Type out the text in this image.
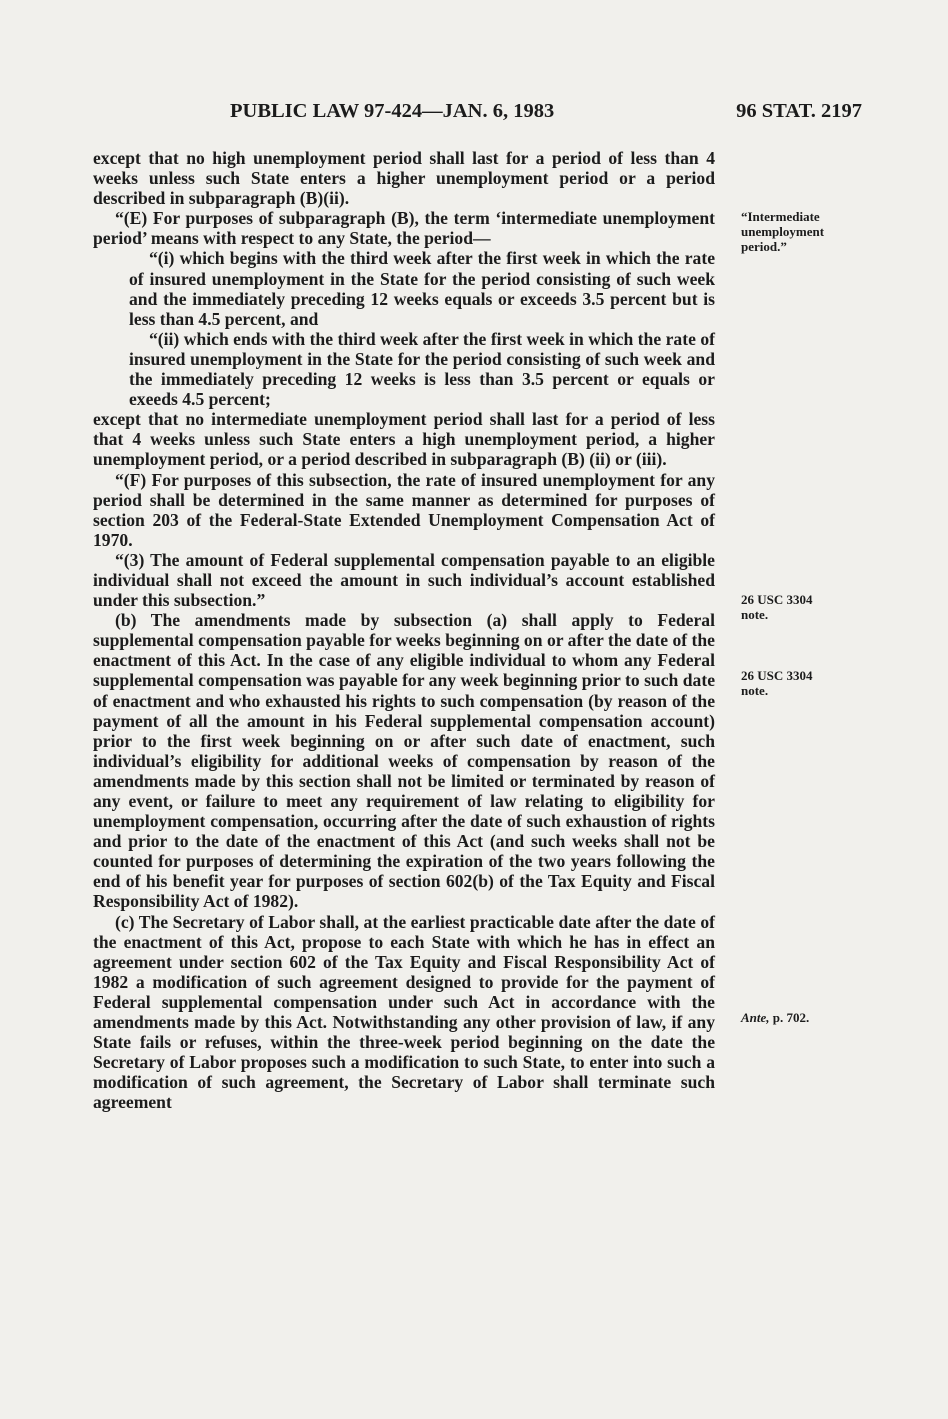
PUBLIC LAW 97-424—JAN. 6, 1983	96 STAT. 2197

except that no high unemployment period shall last for a period of less than 4 weeks unless such State enters a higher unemployment period or a period described in subparagraph (B)(ii).

“(E) For purposes of subparagraph (B), the term ‘intermediate unemployment period’ means with respect to any State, the period—

“(i) which begins with the third week after the first week in which the rate of insured unemployment in the State for the period consisting of such week and the immediately preceding 12 weeks equals or exceeds 3.5 percent but is less than 4.5 percent, and

“(ii) which ends with the third week after the first week in which the rate of insured unemployment in the State for the period consisting of such week and the immediately preceding 12 weeks is less than 3.5 percent or equals or exeeds 4.5 percent;

except that no intermediate unemployment period shall last for a period of less that 4 weeks unless such State enters a high unemployment period, a higher unemployment period, or a period described in subparagraph (B) (ii) or (iii).

“(F) For purposes of this subsection, the rate of insured unemployment for any period shall be determined in the same manner as determined for purposes of section 203 of the Federal-State Extended Unemployment Compensation Act of 1970.

“(3) The amount of Federal supplemental compensation payable to an eligible individual shall not exceed the amount in such individual’s account established under this subsection.”

(b) The amendments made by subsection (a) shall apply to Federal supplemental compensation payable for weeks beginning on or after the date of the enactment of this Act. In the case of any eligible individual to whom any Federal supplemental compensation was payable for any week beginning prior to such date of enactment and who exhausted his rights to such compensation (by reason of the payment of all the amount in his Federal supplemental compensation account) prior to the first week beginning on or after such date of enactment, such individual’s eligibility for additional weeks of compensation by reason of the amendments made by this section shall not be limited or terminated by reason of any event, or failure to meet any requirement of law relating to eligibility for unemployment compensation, occurring after the date of such exhaustion of rights and prior to the date of the enactment of this Act (and such weeks shall not be counted for purposes of determining the expiration of the two years following the end of his benefit year for purposes of section 602(b) of the Tax Equity and Fiscal Responsibility Act of 1982).

(c) The Secretary of Labor shall, at the earliest practicable date after the date of the enactment of this Act, propose to each State with which he has in effect an agreement under section 602 of the Tax Equity and Fiscal Responsibility Act of 1982 a modification of such agreement designed to provide for the payment of Federal supplemental compensation under such Act in accordance with the amendments made by this Act. Notwithstanding any other provision of law, if any State fails or refuses, within the three-week period beginning on the date the Secretary of Labor proposes such a modification to such State, to enter into such a modification of such agreement, the Secretary of Labor shall terminate such agreement

“Intermediate unemployment period.”
26 USC 3304 note.
26 USC 3304 note.
Ante, p. 702.
